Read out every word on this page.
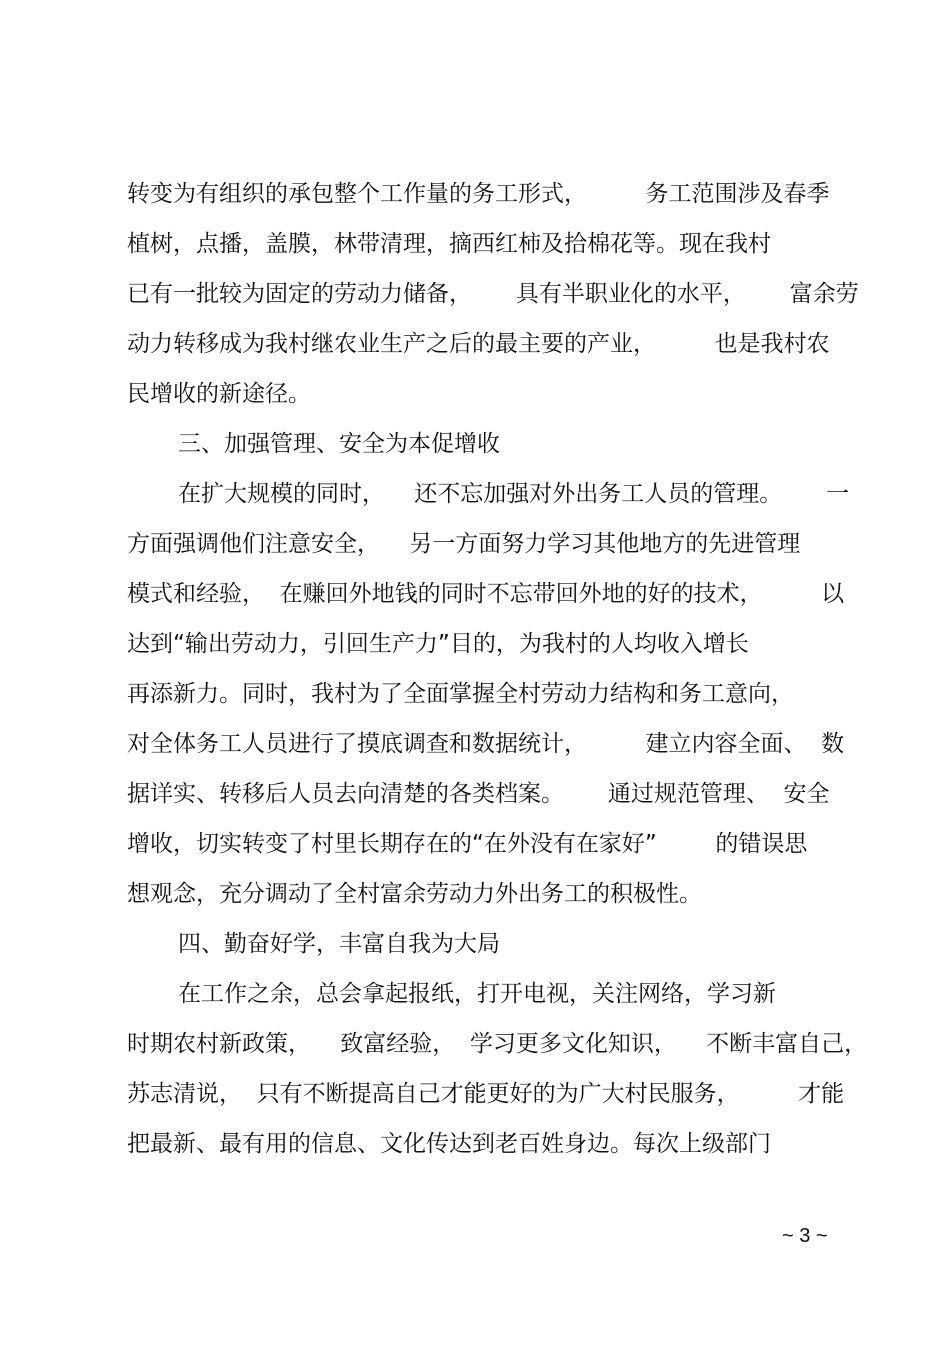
转变为有组织的承包整个工作量的务工形式，        务工范围涉及春季
植树，点播，盖膜，林带清理，摘西红柿及拾棉花等。现在我村
已有一批较为固定的劳动力储备，      具有半职业化的水平，      富余劳
动力转移成为我村继农业生产之后的最主要的产业，        也是我村农
民增收的新途径。
三、加强管理、安全为本促增收
在扩大规模的同时，    还不忘加强对外出务工人员的管理。      一
方面强调他们注意安全，    另一方面努力学习其他地方的先进管理
模式和经验，  在赚回外地钱的同时不忘带回外地的好的技术，        以
达到“输出劳动力，引回生产力”目的，为我村的人均收入增长
再添新力。同时，我村为了全面掌握全村劳动力结构和务工意向，
对全体务工人员进行了摸底调查和数据统计，        建立内容全面、  数
据详实、转移后人员去向清楚的各类档案。      通过规范管理、  安全
增收，切实转变了村里长期存在的“在外没有在家好”        的错误思
想观念，充分调动了全村富余劳动力外出务工的积极性。
四、勤奋好学，丰富自我为大局
在工作之余，总会拿起报纸，打开电视，关注网络，学习新
时期农村新政策，    致富经验，  学习更多文化知识，    不断丰富自己，
苏志清说，  只有不断提高自己才能更好的为广大村民服务，        才能
把最新、最有用的信息、文化传达到老百姓身边。每次上级部门
~ 3 ~
